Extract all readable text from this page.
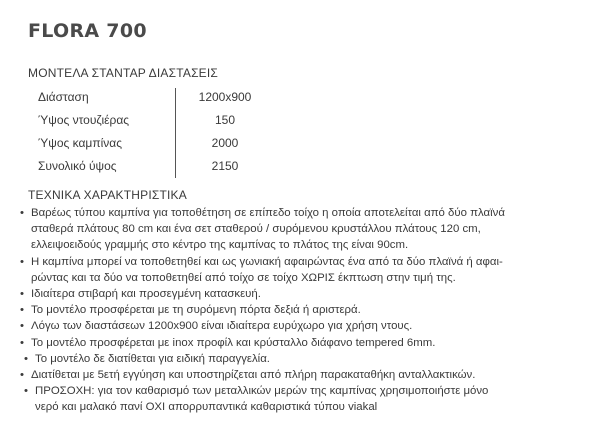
FLORA 700
ΜΟΝΤΕΛΑ ΣΤΑΝΤΑΡ ΔΙΑΣΤΑΣΕΙΣ
Διάσταση	1200x900
Ύψος ντουζιέρας	150
Ύψος καμπίνας	2000
Συνολικό ύψος	2150
ΤΕΧΝΙΚΑ ΧΑΡΑΚΤΗΡΙΣΤΙΚΑ
• Βαρέως τύπου καμπίνα για τοποθέτηση σε επίπεδο τοίχο η οποία αποτελείται από δύο πλαϊνά
σταθερά πλάτους 80 cm και ένα σετ σταθερού / συρόμενου κρυστάλλου πλάτους 120 cm,
ελλειψοειδούς γραμμής στο κέντρο της καμπίνας το πλάτος της είναι 90cm.
• Η καμπίνα μπορεί να τοποθετηθεί και ως γωνιακή αφαιρώντας ένα από τα δύο πλαϊνά ή αφαι-
ρώντας και τα δύο να τοποθετηθεί από τοίχο σε τοίχο ΧΩΡΙΣ έκπτωση στην τιμή της.
• Ιδιαίτερα στιβαρή και προσεγμένη κατασκευή.
• Το μοντέλο προσφέρεται με τη συρόμενη πόρτα δεξιά ή αριστερά.
• Λόγω των διαστάσεων 1200x900 είναι ιδιαίτερα ευρύχωρο για χρήση ντους.
• Το μοντέλο προσφέρεται με inox προφίλ και κρύσταλλο διάφανο tempered 6mm.
• Το μοντέλο δε διατίθεται για ειδική παραγγελία.
• Διατίθεται με 5ετή εγγύηση και υποστηρίζεται από πλήρη παρακαταθήκη ανταλλακτικών.
• ΠΡΟΣΟΧΗ: για τον καθαρισμό των μεταλλικών μερών της καμπίνας χρησιμοποιήστε μόνο
νερό και μαλακό πανί ΟΧΙ απορρυπαντικά καθαριστικά τύπου viakal
